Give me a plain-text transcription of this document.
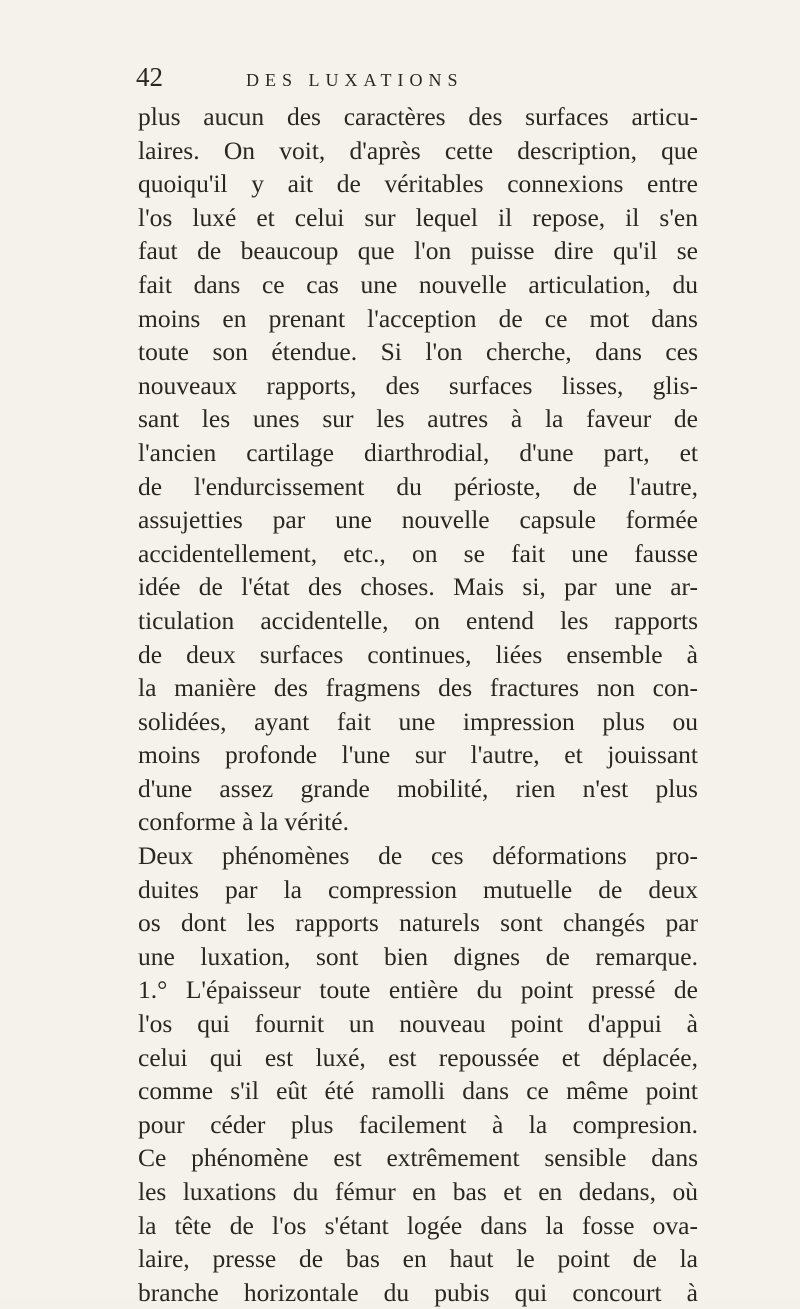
42	DES LUXATIONS
plus aucun des caractères des surfaces articu-
laires. On voit, d'après cette description, que
quoiqu'il y ait de véritables connexions entre
l'os luxé et celui sur lequel il repose, il s'en
faut de beaucoup que l'on puisse dire qu'il se
fait dans ce cas une nouvelle articulation, du
moins en prenant l'acception de ce mot dans
toute son étendue. Si l'on cherche, dans ces
nouveaux rapports, des surfaces lisses, glis-
sant les unes sur les autres à la faveur de
l'ancien cartilage diarthrodial, d'une part, et
de l'endurcissement du périoste, de l'autre,
assujetties par une nouvelle capsule formée
accidentellement, etc., on se fait une fausse
idée de l'état des choses. Mais si, par une ar-
ticulation accidentelle, on entend les rapports
de deux surfaces continues, liées ensemble à
la manière des fragmens des fractures non con-
solidées, ayant fait une impression plus ou
moins profonde l'une sur l'autre, et jouissant
d'une assez grande mobilité, rien n'est plus
conforme à la vérité.
Deux phénomènes de ces déformations pro-
duites par la compression mutuelle de deux
os dont les rapports naturels sont changés par
une luxation, sont bien dignes de remarque.
1.° L'épaisseur toute entière du point pressé de
l'os qui fournit un nouveau point d'appui à
celui qui est luxé, est repoussée et déplacée,
comme s'il eût été ramolli dans ce même point
pour céder plus facilement à la compresion.
Ce phénomène est extrêmement sensible dans
les luxations du fémur en bas et en dedans, où
la tête de l'os s'étant logée dans la fosse ova-
laire, presse de bas en haut le point de la
branche horizontale du pubis qui concourt à
